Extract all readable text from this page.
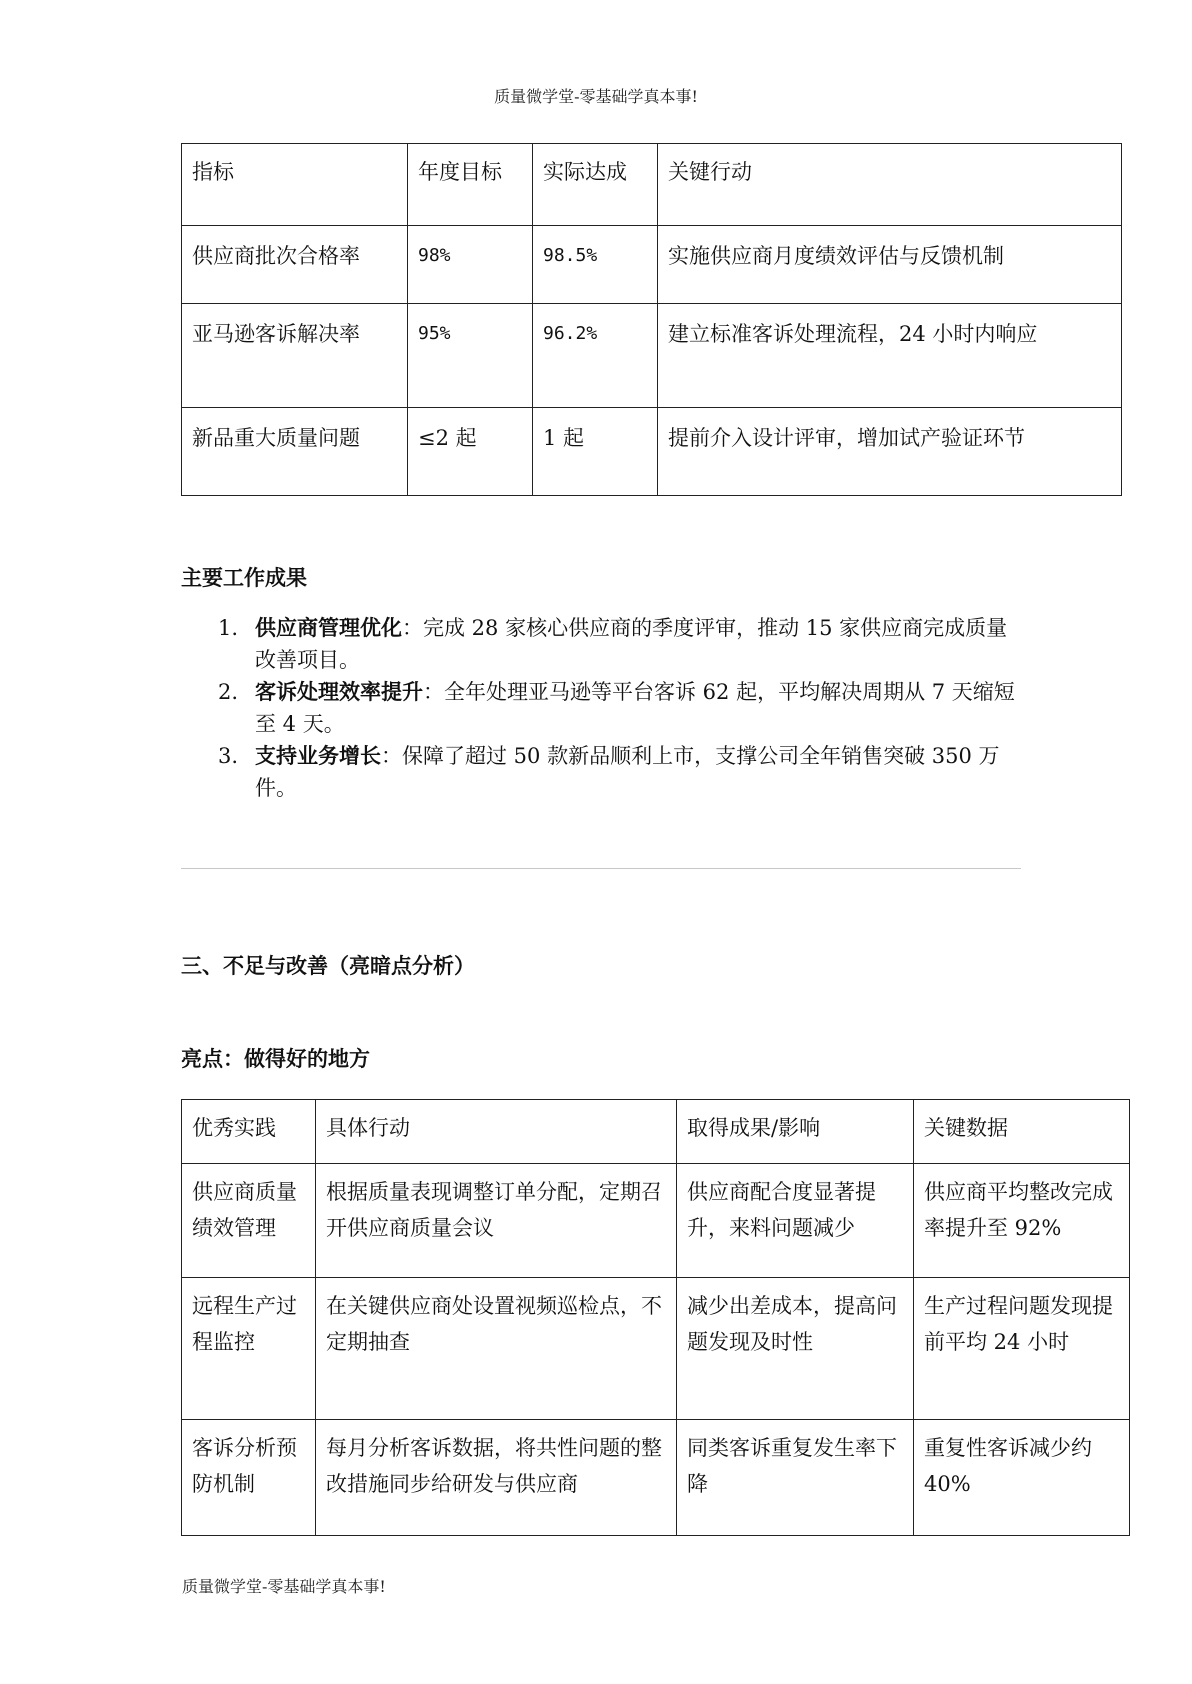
质量微学堂-零基础学真本事!
指标	年度目标	实际达成	关键行动
供应商批次合格率	98%	98.5%	实施供应商月度绩效评估与反馈机制
亚马逊客诉解决率	95%	96.2%	建立标准客诉处理流程，24 小时内响应
新品重大质量问题	≤2 起	1 起	提前介入设计评审，增加试产验证环节
主要工作成果
1. 供应商管理优化：完成 28 家核心供应商的季度评审，推动 15 家供应商完成质量改善项目。
2. 客诉处理效率提升：全年处理亚马逊等平台客诉 62 起，平均解决周期从 7 天缩短至 4 天。
3. 支持业务增长：保障了超过 50 款新品顺利上市，支撑公司全年销售突破 350 万件。
三、不足与改善（亮暗点分析）
亮点：做得好的地方
优秀实践	具体行动	取得成果/影响	关键数据
供应商质量绩效管理	根据质量表现调整订单分配，定期召开供应商质量会议	供应商配合度显著提升，来料问题减少	供应商平均整改完成率提升至 92%
远程生产过程监控	在关键供应商处设置视频巡检点，不定期抽查	减少出差成本，提高问题发现及时性	生产过程问题发现提前平均 24 小时
客诉分析预防机制	每月分析客诉数据，将共性问题的整改措施同步给研发与供应商	同类客诉重复发生率下降	重复性客诉减少约 40%
质量微学堂-零基础学真本事!
